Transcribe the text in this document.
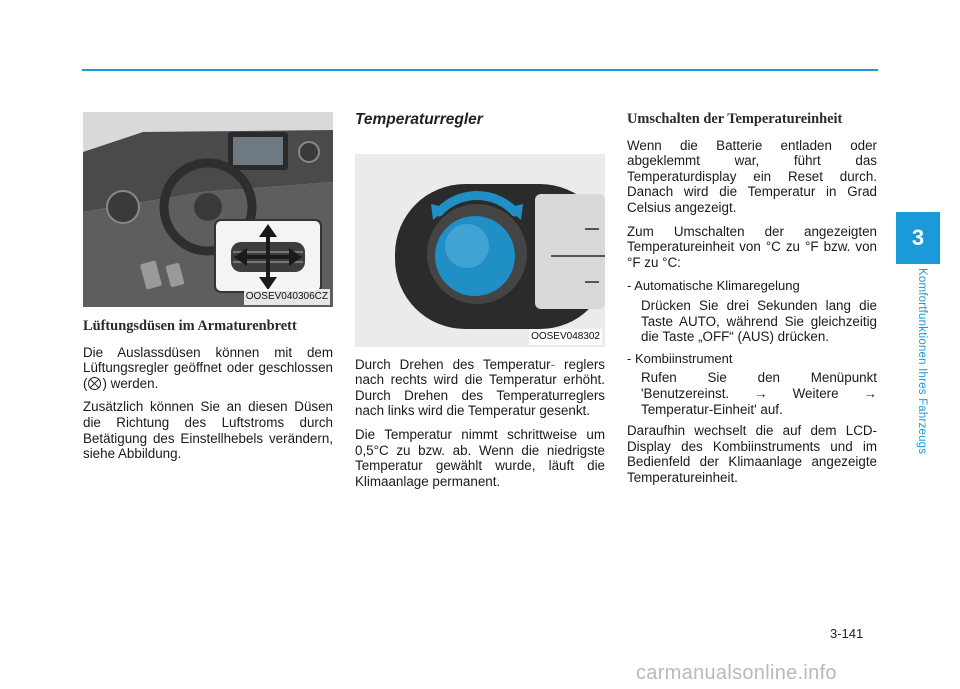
3
Komfortfunktionen Ihres Fahrzeugs
OOSEV040306CZ
Lüftungsdüsen im Armaturenbrett

Die Auslassdüsen können mit dem Lüftungsregler geöffnet oder geschlossen ( ) werden.

Zusätzlich können Sie an diesen Düsen die Richtung des Luftstroms durch Betätigung des Einstellhebels verändern, siehe Abbildung.

Temperaturregler
OOSEV048302

Durch Drehen des Temperatur- reglers nach rechts wird die Temperatur erhöht. Durch Drehen des Temperaturreglers nach links wird die Temperatur gesenkt.

Die Temperatur nimmt schrittweise um 0,5°C zu bzw. ab. Wenn die niedrigste Temperatur gewählt wurde, läuft die Klimaanlage permanent.

Umschalten der Temperatureinheit

Wenn die Batterie entladen oder abgeklemmt war, führt das Temperaturdisplay ein Reset durch. Danach wird die Temperatur in Grad Celsius angezeigt.

Zum Umschalten der angezeigten Temperatureinheit von °C zu °F bzw. von °F zu °C:

- Automatische Klimaregelung
Drücken Sie drei Sekunden lang die Taste AUTO, während Sie gleichzeitig die Taste „OFF“ (AUS) drücken.
- Kombiinstrument
Rufen Sie den Menüpunkt 'Benutzereinst. → Weitere → Temperatur-Einheit' auf.

Daraufhin wechselt die auf dem LCD-Display des Kombiinstruments und im Bedienfeld der Klimaanlage angezeigte Temperatureinheit.

3-141
carmanualsonline.info
